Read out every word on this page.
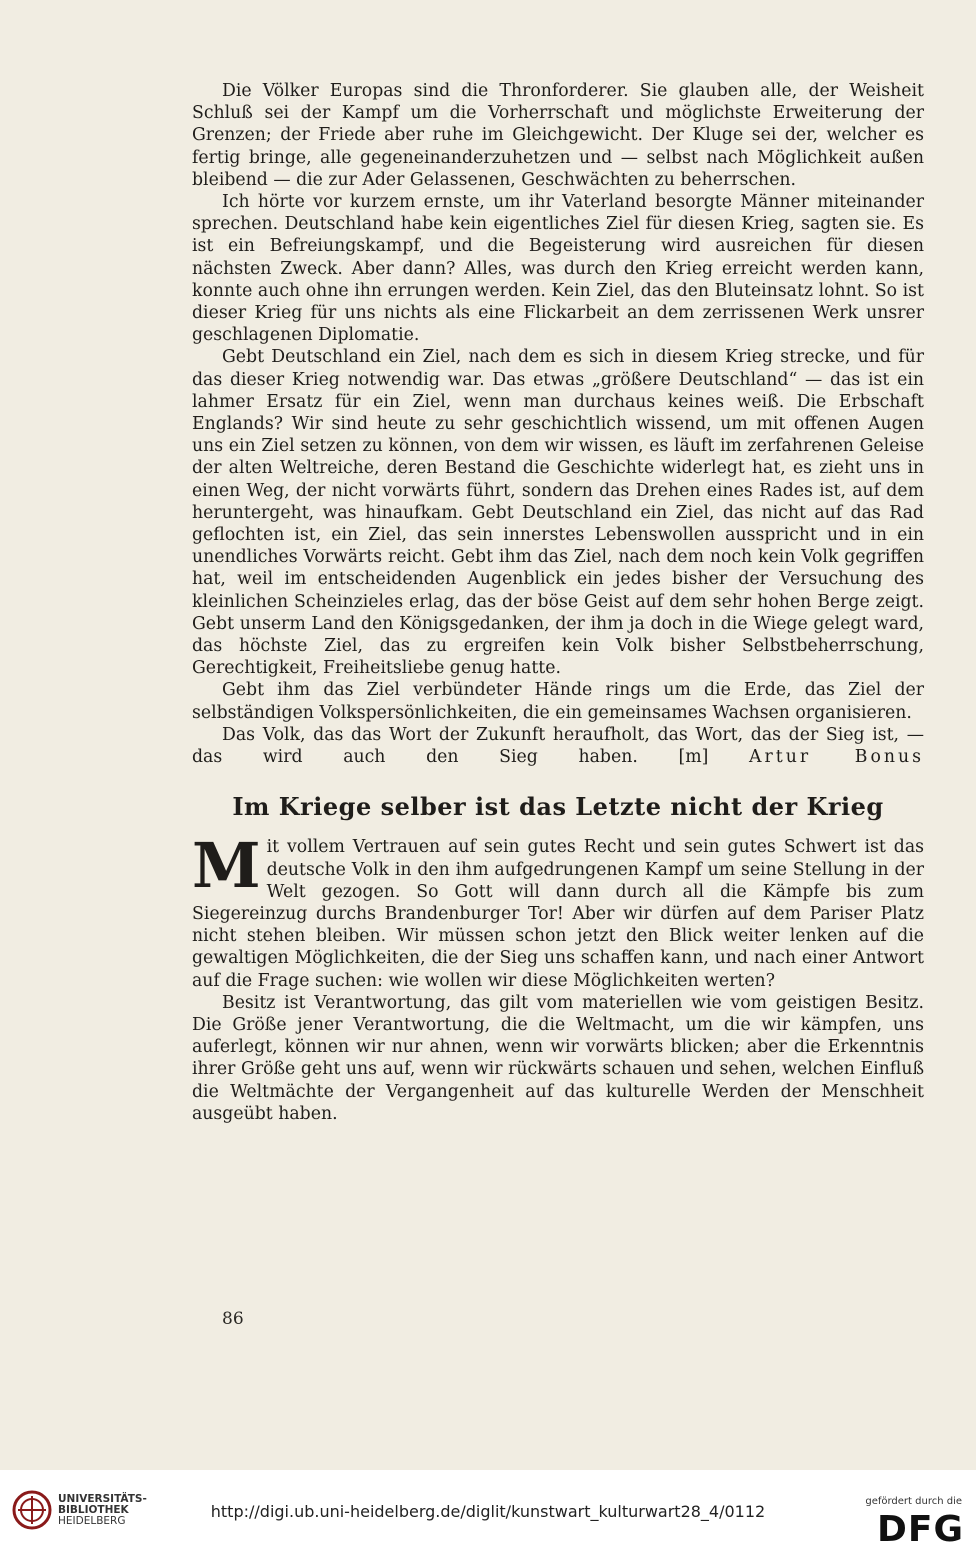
Die Völker Europas sind die Thronforderer. Sie glauben alle, der Weisheit Schluß sei der Kampf um die Vorherrschaft und möglichste Erweiterung der Grenzen; der Friede aber ruhe im Gleichgewicht. Der Kluge sei der, welcher es fertig bringe, alle gegeneinanderzuhetzen und — selbst nach Möglichkeit außen bleibend — die zur Ader Gelassenen, Geschwächten zu beherrschen.

Ich hörte vor kurzem ernste, um ihr Vaterland besorgte Männer miteinander sprechen. Deutschland habe kein eigentliches Ziel für diesen Krieg, sagten sie. Es ist ein Befreiungskampf, und die Begeisterung wird ausreichen für diesen nächsten Zweck. Aber dann? Alles, was durch den Krieg erreicht werden kann, konnte auch ohne ihn errungen werden. Kein Ziel, das den Bluteinsatz lohnt. So ist dieser Krieg für uns nichts als eine Flickarbeit an dem zerrissenen Werk unsrer geschlagenen Diplomatie.

Gebt Deutschland ein Ziel, nach dem es sich in diesem Krieg strecke, und für das dieser Krieg notwendig war. Das etwas „größere Deutschland“ — das ist ein lahmer Ersatz für ein Ziel, wenn man durchaus keines weiß. Die Erbschaft Englands? Wir sind heute zu sehr geschichtlich wissend, um mit offenen Augen uns ein Ziel setzen zu können, von dem wir wissen, es läuft im zerfahrenen Geleise der alten Weltreiche, deren Bestand die Geschichte widerlegt hat, es zieht uns in einen Weg, der nicht vorwärts führt, sondern das Drehen eines Rades ist, auf dem heruntergeht, was hinaufkam. Gebt Deutschland ein Ziel, das nicht auf das Rad geflochten ist, ein Ziel, das sein innerstes Lebenswollen ausspricht und in ein unendliches Vorwärts reicht. Gebt ihm das Ziel, nach dem noch kein Volk gegriffen hat, weil im entscheidenden Augenblick ein jedes bisher der Versuchung des kleinlichen Scheinzieles erlag, das der böse Geist auf dem sehr hohen Berge zeigt. Gebt unserm Land den Königsgedanken, der ihm ja doch in die Wiege gelegt ward, das höchste Ziel, das zu ergreifen kein Volk bisher Selbstbeherrschung, Gerechtigkeit, Freiheitsliebe genug hatte.

Gebt ihm das Ziel verbündeter Hände rings um die Erde, das Ziel der selbständigen Volkspersönlichkeiten, die ein gemeinsames Wachsen organisieren.

Das Volk, das das Wort der Zukunft heraufholt, das Wort, das der Sieg ist, — das wird auch den Sieg haben. [m] Artur Bonus

Im Kriege selber ist das Letzte nicht der Krieg

Mit vollem Vertrauen auf sein gutes Recht und sein gutes Schwert ist das deutsche Volk in den ihm aufgedrungenen Kampf um seine Stellung in der Welt gezogen. So Gott will dann durch all die Kämpfe bis zum Siegereinzug durchs Brandenburger Tor! Aber wir dürfen auf dem Pariser Platz nicht stehen bleiben. Wir müssen schon jetzt den Blick weiter lenken auf die gewaltigen Möglichkeiten, die der Sieg uns schaffen kann, und nach einer Antwort auf die Frage suchen: wie wollen wir diese Möglichkeiten werten?

Besitz ist Verantwortung, das gilt vom materiellen wie vom geistigen Besitz. Die Größe jener Verantwortung, die die Weltmacht, um die wir kämpfen, uns auferlegt, können wir nur ahnen, wenn wir vorwärts blicken; aber die Erkenntnis ihrer Größe geht uns auf, wenn wir rückwärts schauen und sehen, welchen Einfluß die Weltmächte der Vergangenheit auf das kulturelle Werden der Menschheit ausgeübt haben.

86
UNIVERSITÄTS-
BIBLIOTHEK
HEIDELBERG	http://digi.ub.uni-heidelberg.de/diglit/kunstwart_kulturwart28_4/0112
gefördert durch die
DFG
